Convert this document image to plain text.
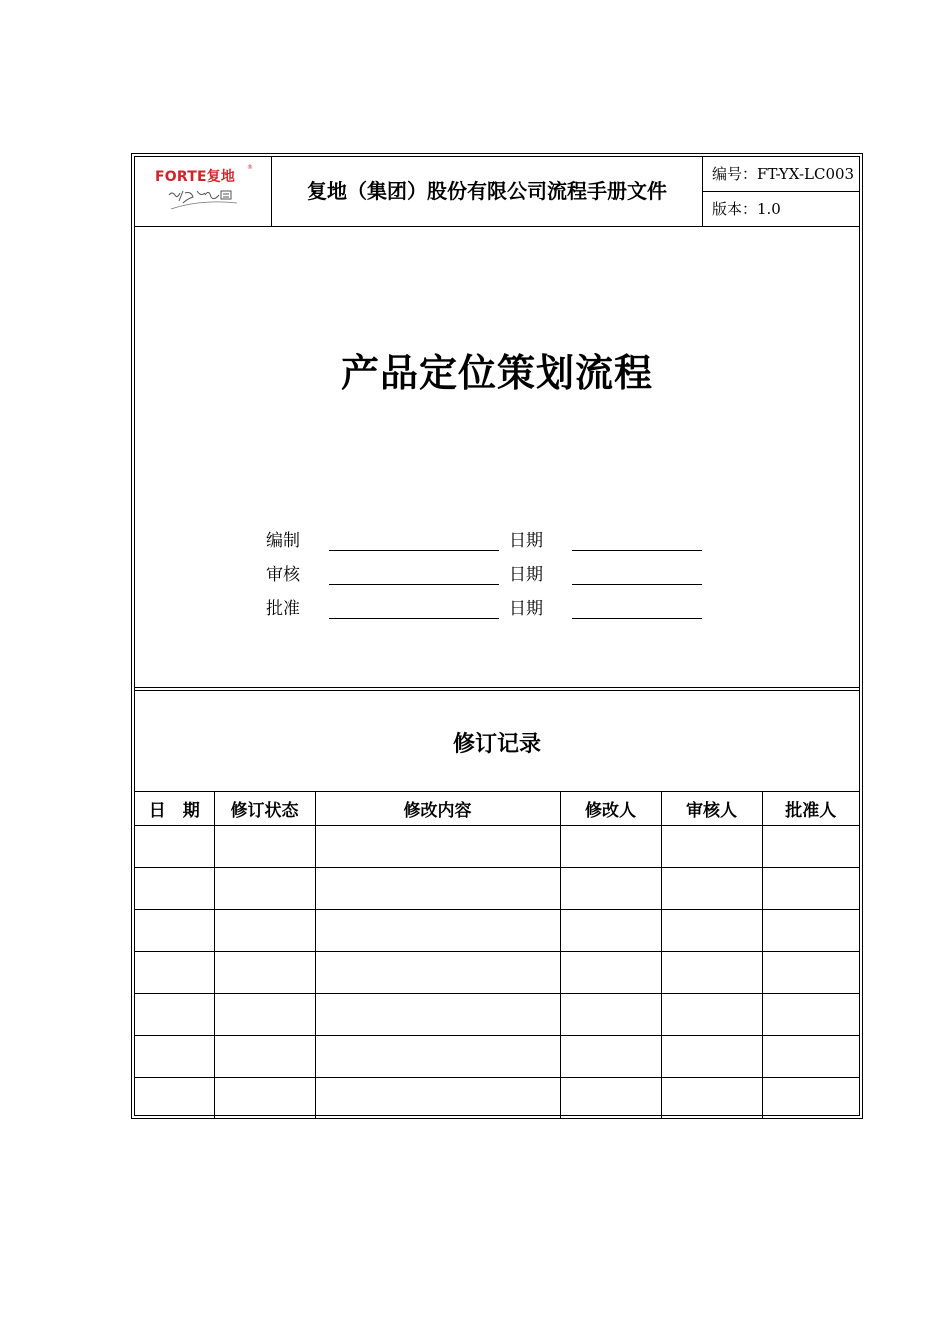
FORTE复地
®
复地（集团）股份有限公司流程手册文件
编号：FT-YX-LC003
版本：1.0
产品定位策划流程
编制	日期
审核	日期
批准	日期
修订记录
日　期	修订状态	修改内容	修改人	审核人	批准人
